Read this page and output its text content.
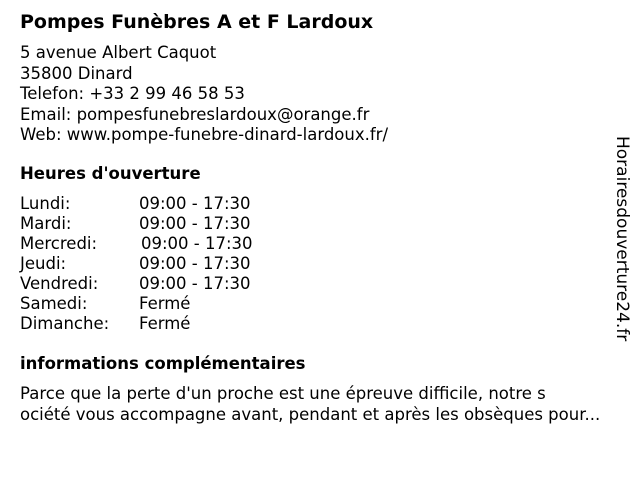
Pompes Funèbres A et F Lardoux
5 avenue Albert Caquot
35800 Dinard
Telefon: +33 2 99 46 58 53
Email: pompesfunebreslardoux@orange.fr
Web: www.pompe-funebre-dinard-lardoux.fr/
Heures d'ouverture
Lundi:	09:00 - 17:30
Mardi:	09:00 - 17:30
Mercredi:	09:00 - 17:30
Jeudi:	09:00 - 17:30
Vendredi: 09:00 - 17:30
Samedi:	Fermé
Dimanche: Fermé
informations complémentaires
Parce que la perte d'un proche est une épreuve difficile, notre s
ociété vous accompagne avant, pendant et après les obsèques pour...
Horairesdouverture24.fr
